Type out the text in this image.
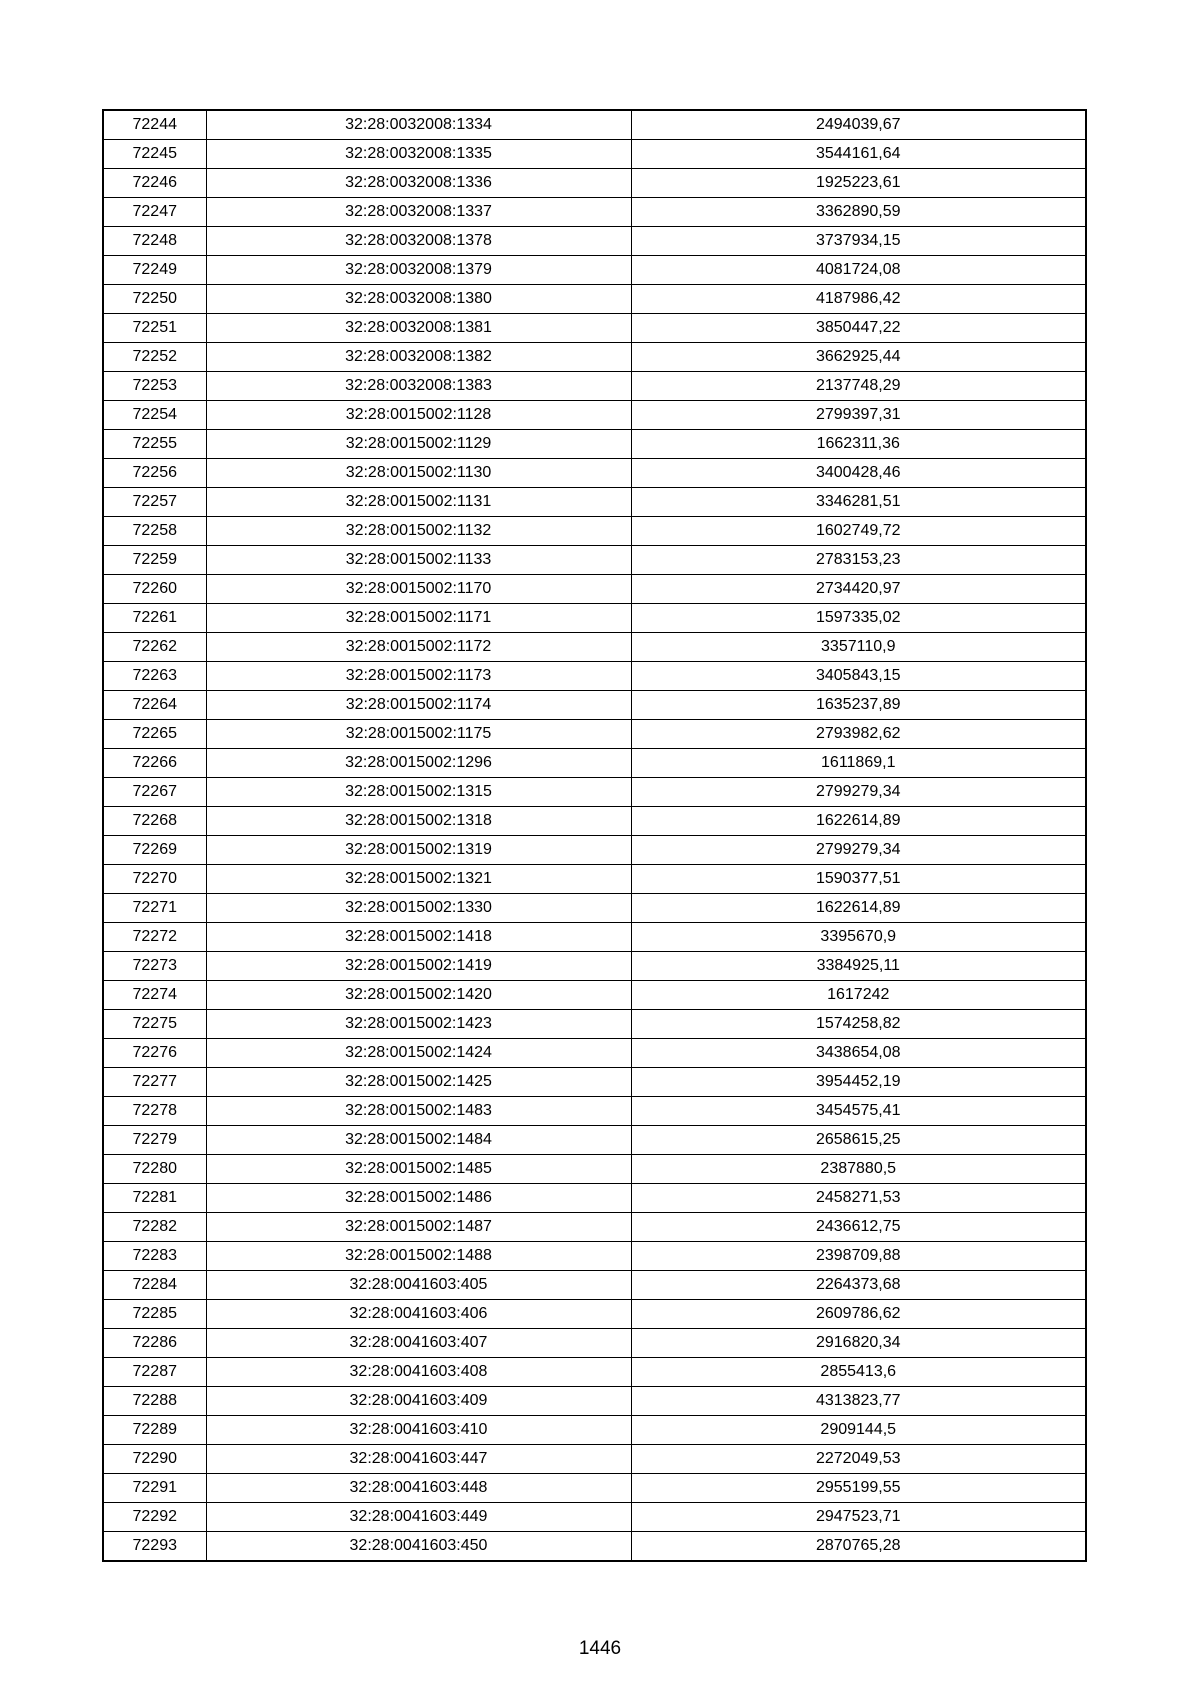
72244	32:28:0032008:1334	2494039,67
72245	32:28:0032008:1335	3544161,64
72246	32:28:0032008:1336	1925223,61
72247	32:28:0032008:1337	3362890,59
72248	32:28:0032008:1378	3737934,15
72249	32:28:0032008:1379	4081724,08
72250	32:28:0032008:1380	4187986,42
72251	32:28:0032008:1381	3850447,22
72252	32:28:0032008:1382	3662925,44
72253	32:28:0032008:1383	2137748,29
72254	32:28:0015002:1128	2799397,31
72255	32:28:0015002:1129	1662311,36
72256	32:28:0015002:1130	3400428,46
72257	32:28:0015002:1131	3346281,51
72258	32:28:0015002:1132	1602749,72
72259	32:28:0015002:1133	2783153,23
72260	32:28:0015002:1170	2734420,97
72261	32:28:0015002:1171	1597335,02
72262	32:28:0015002:1172	3357110,9
72263	32:28:0015002:1173	3405843,15
72264	32:28:0015002:1174	1635237,89
72265	32:28:0015002:1175	2793982,62
72266	32:28:0015002:1296	1611869,1
72267	32:28:0015002:1315	2799279,34
72268	32:28:0015002:1318	1622614,89
72269	32:28:0015002:1319	2799279,34
72270	32:28:0015002:1321	1590377,51
72271	32:28:0015002:1330	1622614,89
72272	32:28:0015002:1418	3395670,9
72273	32:28:0015002:1419	3384925,11
72274	32:28:0015002:1420	1617242
72275	32:28:0015002:1423	1574258,82
72276	32:28:0015002:1424	3438654,08
72277	32:28:0015002:1425	3954452,19
72278	32:28:0015002:1483	3454575,41
72279	32:28:0015002:1484	2658615,25
72280	32:28:0015002:1485	2387880,5
72281	32:28:0015002:1486	2458271,53
72282	32:28:0015002:1487	2436612,75
72283	32:28:0015002:1488	2398709,88
72284	32:28:0041603:405	2264373,68
72285	32:28:0041603:406	2609786,62
72286	32:28:0041603:407	2916820,34
72287	32:28:0041603:408	2855413,6
72288	32:28:0041603:409	4313823,77
72289	32:28:0041603:410	2909144,5
72290	32:28:0041603:447	2272049,53
72291	32:28:0041603:448	2955199,55
72292	32:28:0041603:449	2947523,71
72293	32:28:0041603:450	2870765,28
1446
